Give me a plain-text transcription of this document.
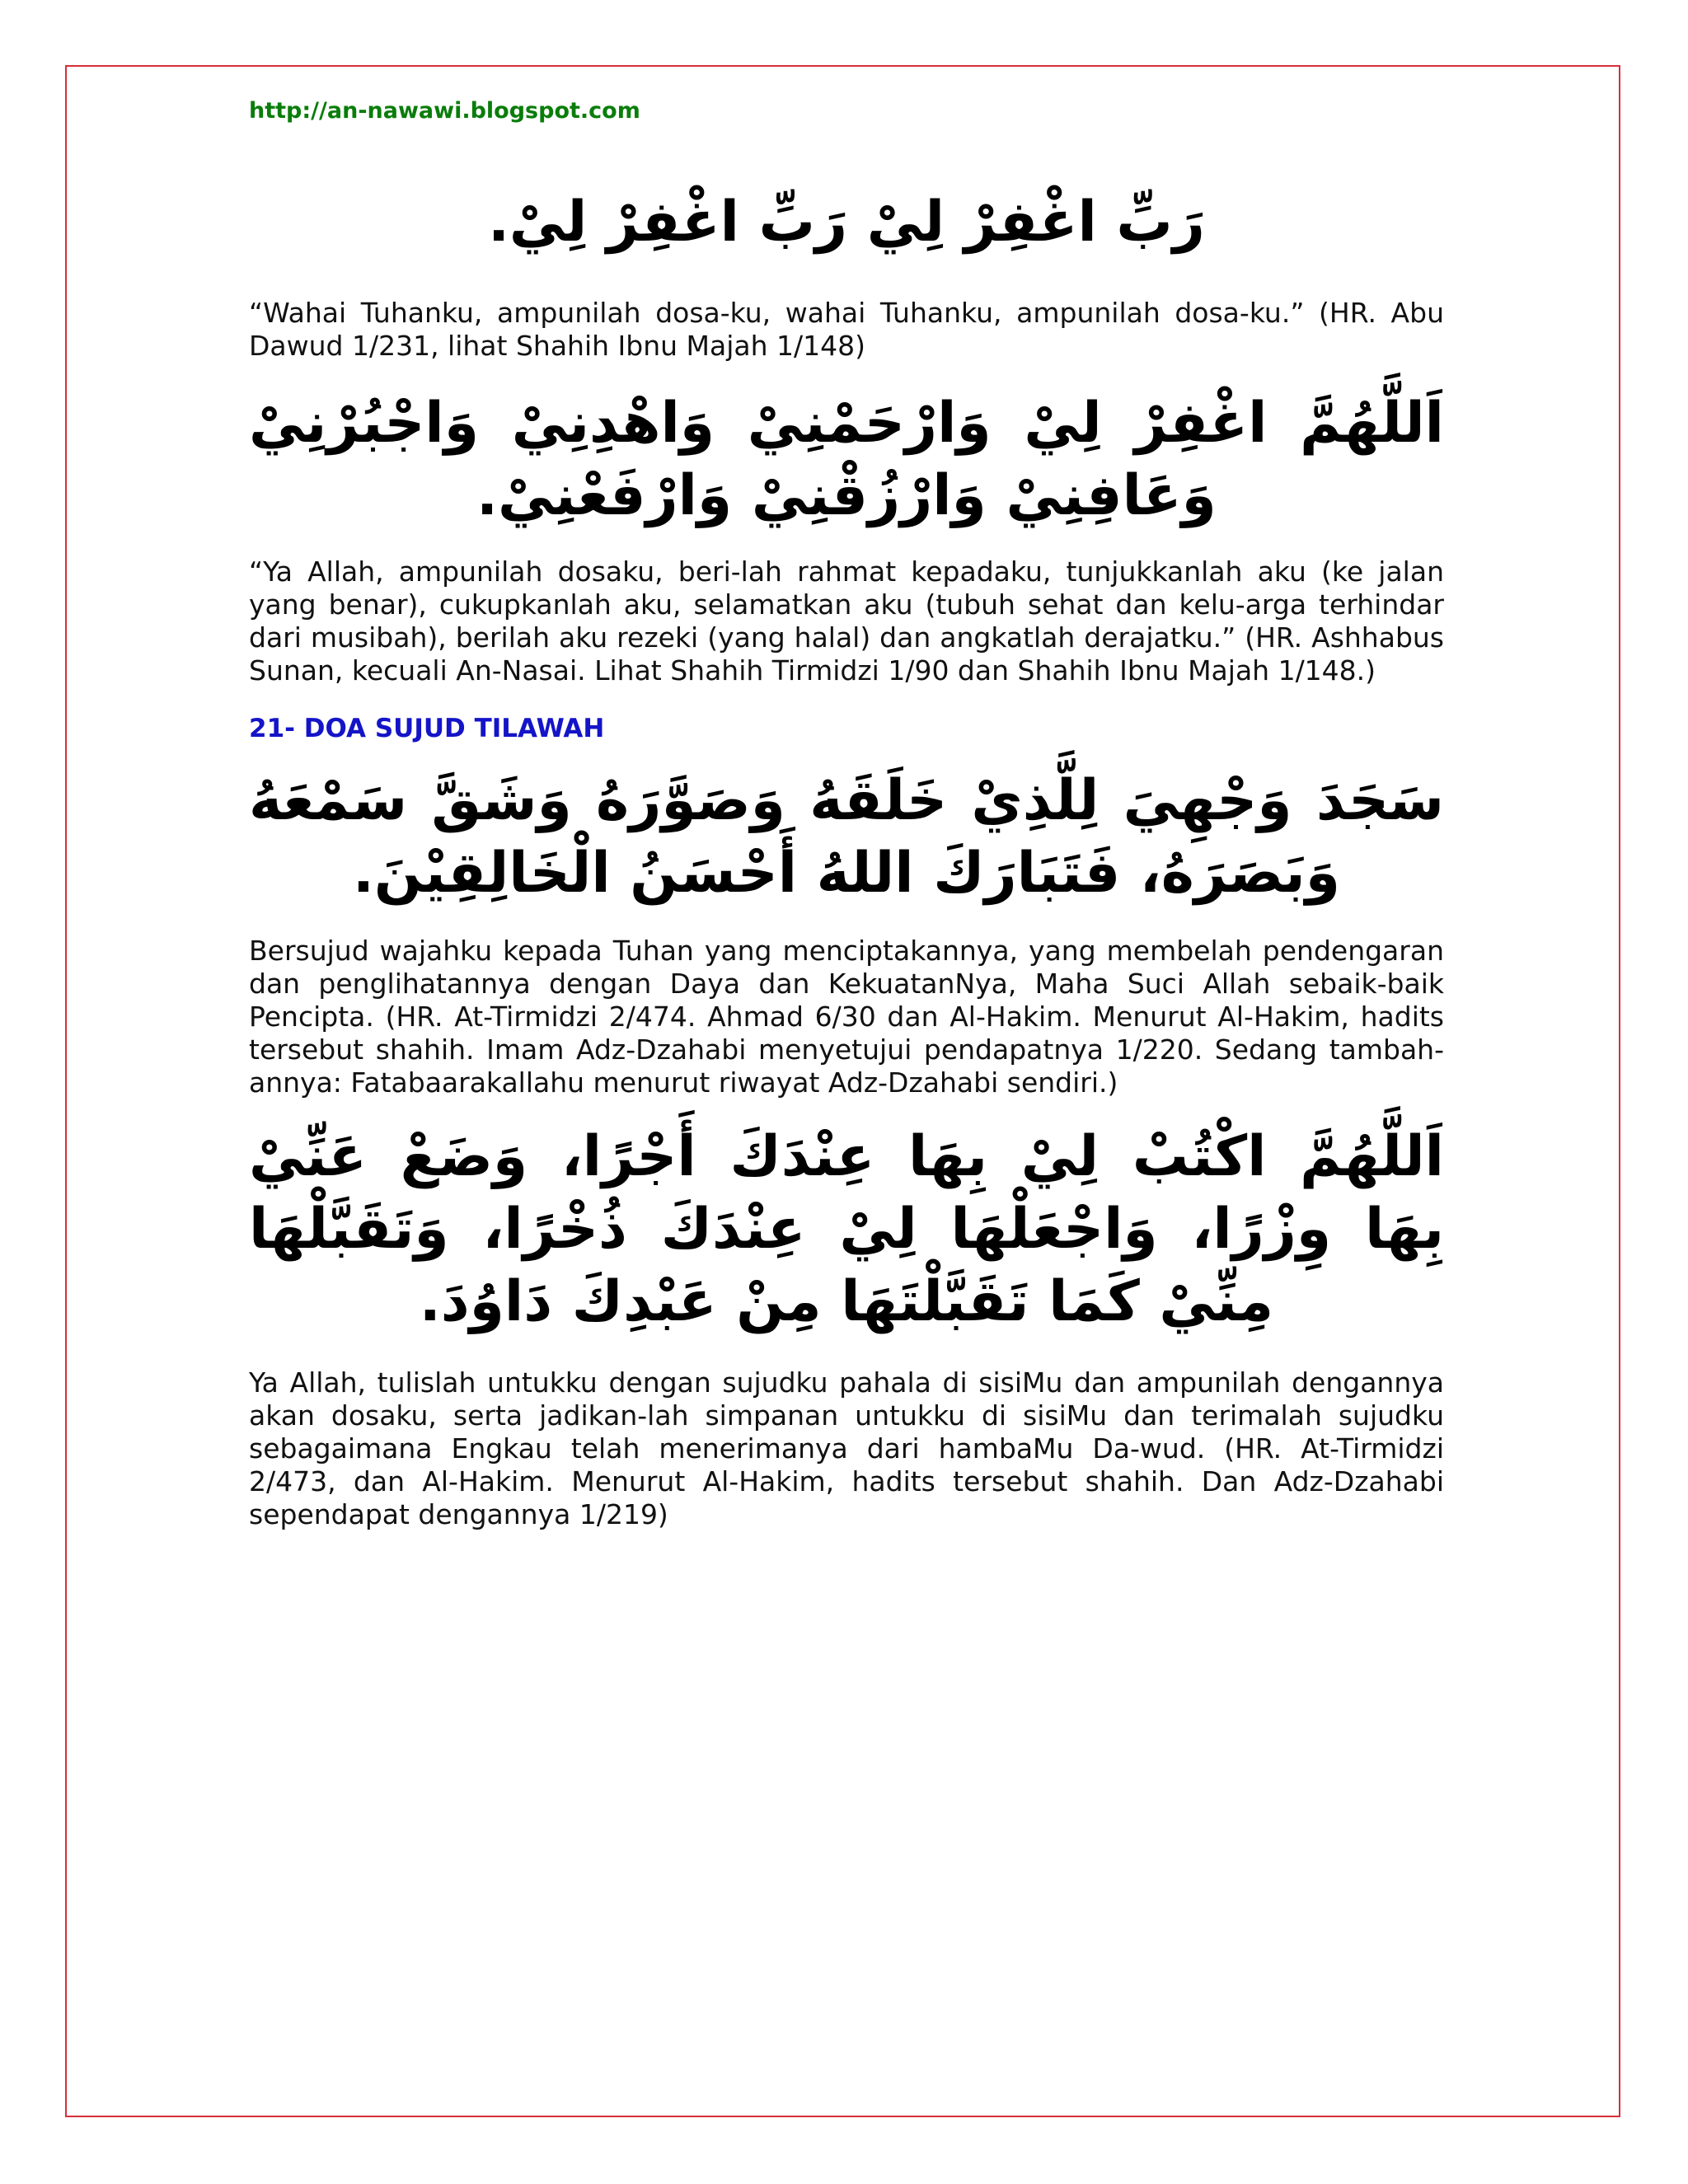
http://an-nawawi.blogspot.com

رَبِّ اغْفِرْ لِيْ رَبِّ اغْفِرْ لِيْ.

“Wahai Tuhanku, ampunilah dosa-ku, wahai Tuhanku, ampunilah dosa-ku.” (HR. Abu Dawud 1/231, lihat Shahih Ibnu Majah 1/148)

اَللَّهُمَّ اغْفِرْ لِيْ وَارْحَمْنِيْ وَاهْدِنِيْ وَاجْبُرْنِيْ وَعَافِنِيْ وَارْزُقْنِيْ وَارْفَعْنِيْ.

“Ya Allah, ampunilah dosaku, beri-lah rahmat kepadaku, tunjukkanlah aku (ke jalan yang benar), cukupkanlah aku, selamatkan aku (tubuh sehat dan kelu-arga terhindar dari musibah), berilah aku rezeki (yang halal) dan angkatlah derajatku.” (HR. Ashhabus Sunan, kecuali An-Nasai. Lihat Shahih Tirmidzi 1/90 dan Shahih Ibnu Majah 1/148.)

21- DOA SUJUD TILAWAH

سَجَدَ وَجْهِيَ لِلَّذِيْ خَلَقَهُ وَصَوَّرَهُ وَشَقَّ سَمْعَهُ وَبَصَرَهُ، فَتَبَارَكَ اللهُ أَحْسَنُ الْخَالِقِيْنَ.

Bersujud wajahku kepada Tuhan yang menciptakannya, yang membelah pendengaran dan penglihatannya dengan Daya dan KekuatanNya, Maha Suci Allah sebaik-baik Pencipta. (HR. At-Tirmidzi 2/474. Ahmad 6/30 dan Al-Hakim. Menurut Al-Hakim, hadits tersebut shahih. Imam Adz-Dzahabi menyetujui pendapatnya 1/220. Sedang tambah-annya: Fatabaarakallahu menurut riwayat Adz-Dzahabi sendiri.)

اَللَّهُمَّ اكْتُبْ لِيْ بِهَا عِنْدَكَ أَجْرًا، وَضَعْ عَنِّيْ بِهَا وِزْرًا، وَاجْعَلْهَا لِيْ عِنْدَكَ ذُخْرًا، وَتَقَبَّلْهَا مِنِّيْ كَمَا تَقَبَّلْتَهَا مِنْ عَبْدِكَ دَاوُدَ.

Ya Allah, tulislah untukku dengan sujudku pahala di sisiMu dan ampunilah dengannya akan dosaku, serta jadikan-lah simpanan untukku di sisiMu dan terimalah sujudku sebagaimana Engkau telah menerimanya dari hambaMu Da-wud. (HR. At-Tirmidzi 2/473, dan Al-Hakim. Menurut Al-Hakim, hadits tersebut shahih. Dan Adz-Dzahabi sependapat dengannya 1/219)
